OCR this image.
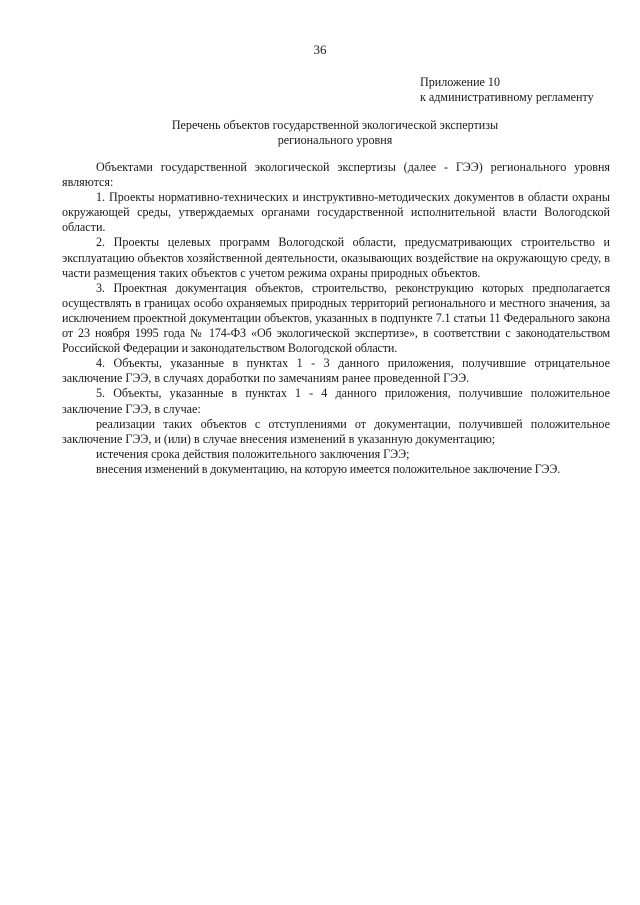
36
Приложение 10
к административному регламенту
Перечень объектов государственной экологической экспертизы
регионального уровня

Объектами государственной экологической экспертизы (далее - ГЭЭ) регионального уровня являются:

1. Проекты нормативно-технических и инструктивно-методических документов в области охраны окружающей среды, утверждаемых органами государственной исполнительной власти Вологодской области.

2. Проекты целевых программ Вологодской области, предусматривающих строительство и эксплуатацию объектов хозяйственной деятельности, оказывающих воздействие на окружающую среду, в части размещения таких объектов с учетом режима охраны природных объектов.

3. Проектная документация объектов, строительство, реконструкцию которых предполагается осуществлять в границах особо охраняемых природных территорий регионального и местного значения, за исключением проектной документации объектов, указанных в подпункте 7.1 статьи 11 Федерального закона от 23 ноября 1995 года № 174-ФЗ «Об экологической экспертизе», в соответствии с законодательством Российской Федерации и законодательством Вологодской области.

4. Объекты, указанные в пунктах 1 - 3 данного приложения, получившие отрицательное заключение ГЭЭ, в случаях доработки по замечаниям ранее проведенной ГЭЭ.

5. Объекты, указанные в пунктах 1 - 4 данного приложения, получившие положительное заключение ГЭЭ, в случае:

реализации таких объектов с отступлениями от документации, получившей положительное заключение ГЭЭ, и (или) в случае внесения изменений в указанную документацию;

истечения срока действия положительного заключения ГЭЭ;

внесения изменений в документацию, на которую имеется положительное заключение ГЭЭ.
